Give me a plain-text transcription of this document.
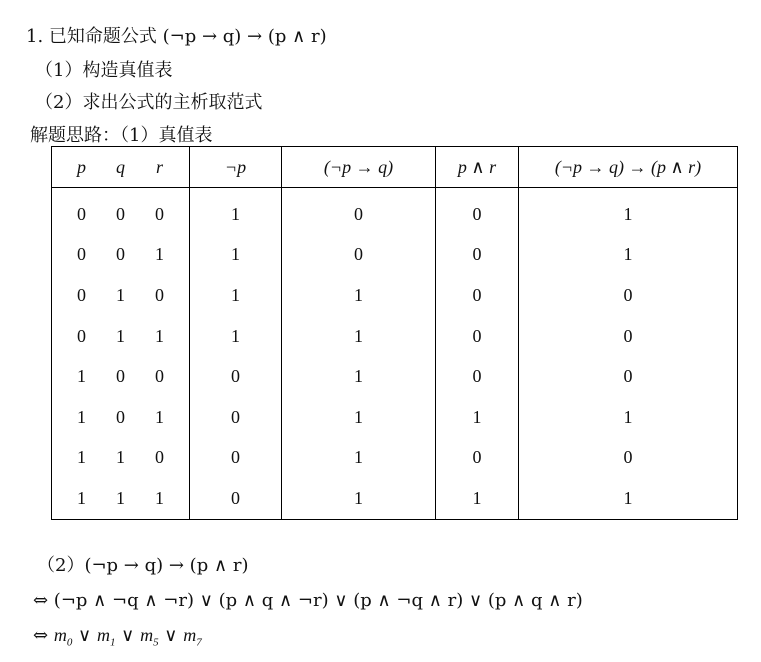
1. 已知命题公式 (¬p → q) → (p ∧ r)
（1）构造真值表
（2）求出公式的主析取范式
解题思路：（1）真值表
p q r	¬p	(¬p → q)	p ∧ r	(¬p → q) → (p ∧ r)

0 0 0	1	0	0	1

0 0 1	1	0	0	1

0 1 0	1	1	0	0

0 1 1	1	1	0	0

1 0 0	0	1	0	0

1 0 1	0	1	1	1

1 1 0	0	1	0	0

1 1 1	0	1	1	1
（2）(¬p → q) → (p ∧ r)
⇔ (¬p ∧ ¬q ∧ ¬r) ∨ (p ∧ q ∧ ¬r) ∨ (p ∧ ¬q ∧ r) ∨ (p ∧ q ∧ r)
⇔ $m_0$ ∨ $m_1$ ∨ $m_5$ ∨ $m_7$
